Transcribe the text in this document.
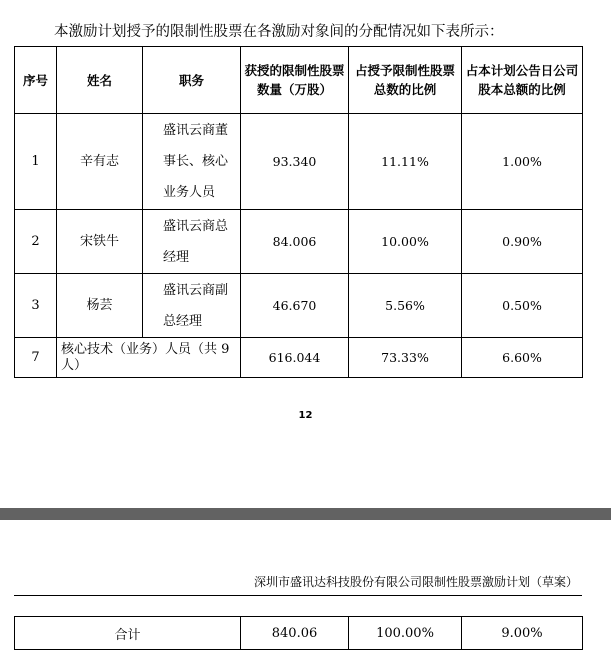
本激励计划授予的限制性股票在各激励对象间的分配情况如下表所示：
序号	姓名	职务	获授的限制性股票数量（万股）	占授予限制性股票总数的比例	占本计划公告日公司股本总额的比例
1	辛有志	盛讯云商董事长、核心业务人员	93.340	11.11%	1.00%
2	宋铁牛	盛讯云商总经理	84.006	10.00%	0.90%
3	杨芸	盛讯云商副总经理	46.670	5.56%	0.50%
7	核心技术（业务）人员（共 9 人）		616.044	73.33%	6.60%
12
深圳市盛讯达科技股份有限公司限制性股票激励计划（草案）
合计	840.06	100.00%	9.00%
